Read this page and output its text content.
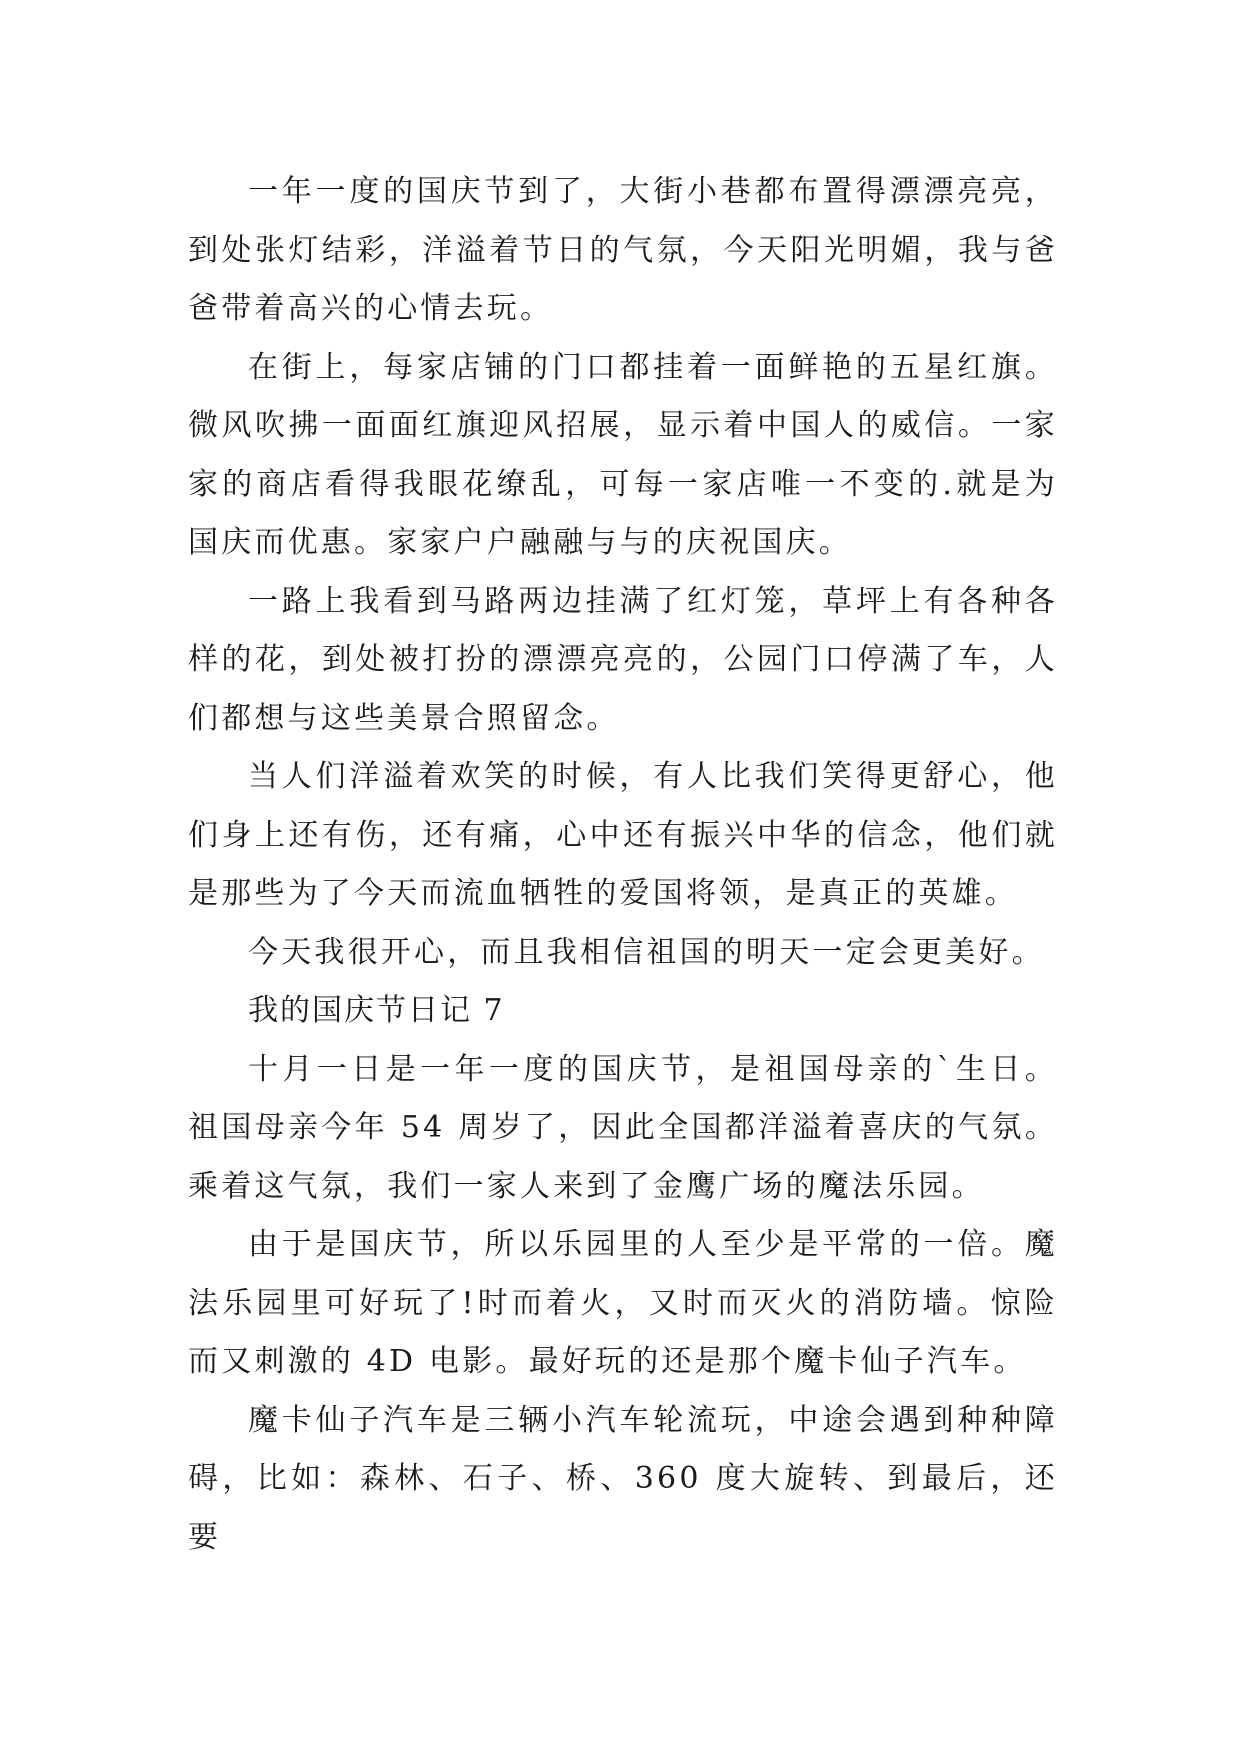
一年一度的国庆节到了，大街小巷都布置得漂漂亮亮，到处张灯结彩，洋溢着节日的气氛，今天阳光明媚，我与爸爸带着高兴的心情去玩。

在街上，每家店铺的门口都挂着一面鲜艳的五星红旗。微风吹拂一面面红旗迎风招展，显示着中国人的威信。一家家的商店看得我眼花缭乱，可每一家店唯一不变的.就是为国庆而优惠。家家户户融融与与的庆祝国庆。

一路上我看到马路两边挂满了红灯笼，草坪上有各种各样的花，到处被打扮的漂漂亮亮的，公园门口停满了车，人们都想与这些美景合照留念。

当人们洋溢着欢笑的时候，有人比我们笑得更舒心，他们身上还有伤，还有痛，心中还有振兴中华的信念，他们就是那些为了今天而流血牺牲的爱国将领，是真正的英雄。

今天我很开心，而且我相信祖国的明天一定会更美好。

我的国庆节日记 7

十月一日是一年一度的国庆节，是祖国母亲的`生日。祖国母亲今年 54 周岁了，因此全国都洋溢着喜庆的气氛。乘着这气氛，我们一家人来到了金鹰广场的魔法乐园。

由于是国庆节，所以乐园里的人至少是平常的一倍。魔法乐园里可好玩了!时而着火，又时而灭火的消防墙。惊险而又刺激的 4D 电影。最好玩的还是那个魔卡仙子汽车。

魔卡仙子汽车是三辆小汽车轮流玩，中途会遇到种种障碍，比如：森林、石子、桥、360 度大旋转、到最后，还要
